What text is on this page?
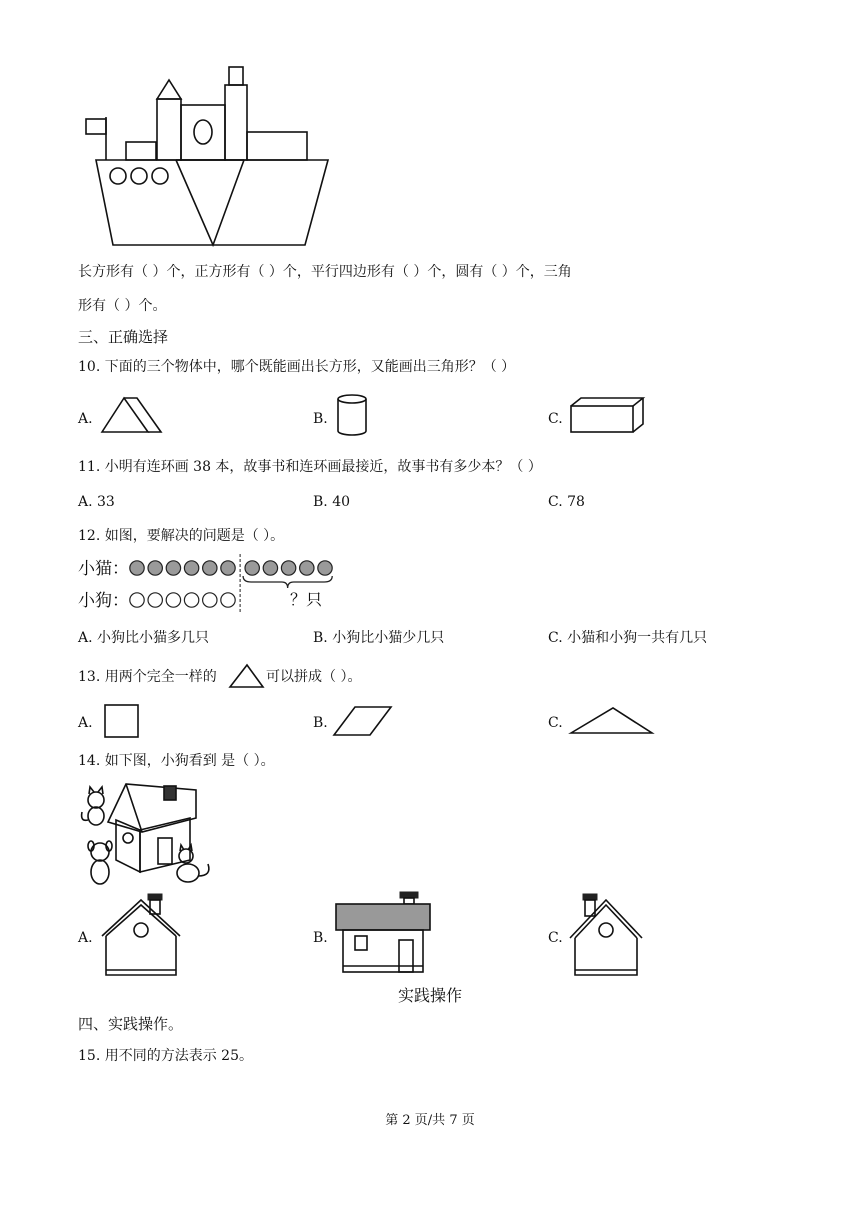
长方形有（ ）个，正方形有（ ）个，平行四边形有（ ）个，圆有（ ）个，三角
形有（ ）个。
三、正确选择
10. 下面的三个物体中，哪个既能画出长方形，又能画出三角形？（ ）
A.	B.	C.
11. 小明有连环画 38 本，故事书和连环画最接近，故事书有多少本？（ ）
A. 33	B. 40	C. 78
12. 如图，要解决的问题是（ ）。
小猫：
小狗：	？只
A. 小狗比小猫多几只	B. 小狗比小猫少几只	C. 小猫和小狗一共有几只
13. 用两个完全一样的	可以拼成（ ）。
A.	B.	C.
14. 如下图，小狗看到 是（ ）。
A.	B.	C.
实践操作
四、实践操作。
15. 用不同的方法表示 25。
第 2 页/共 7 页
